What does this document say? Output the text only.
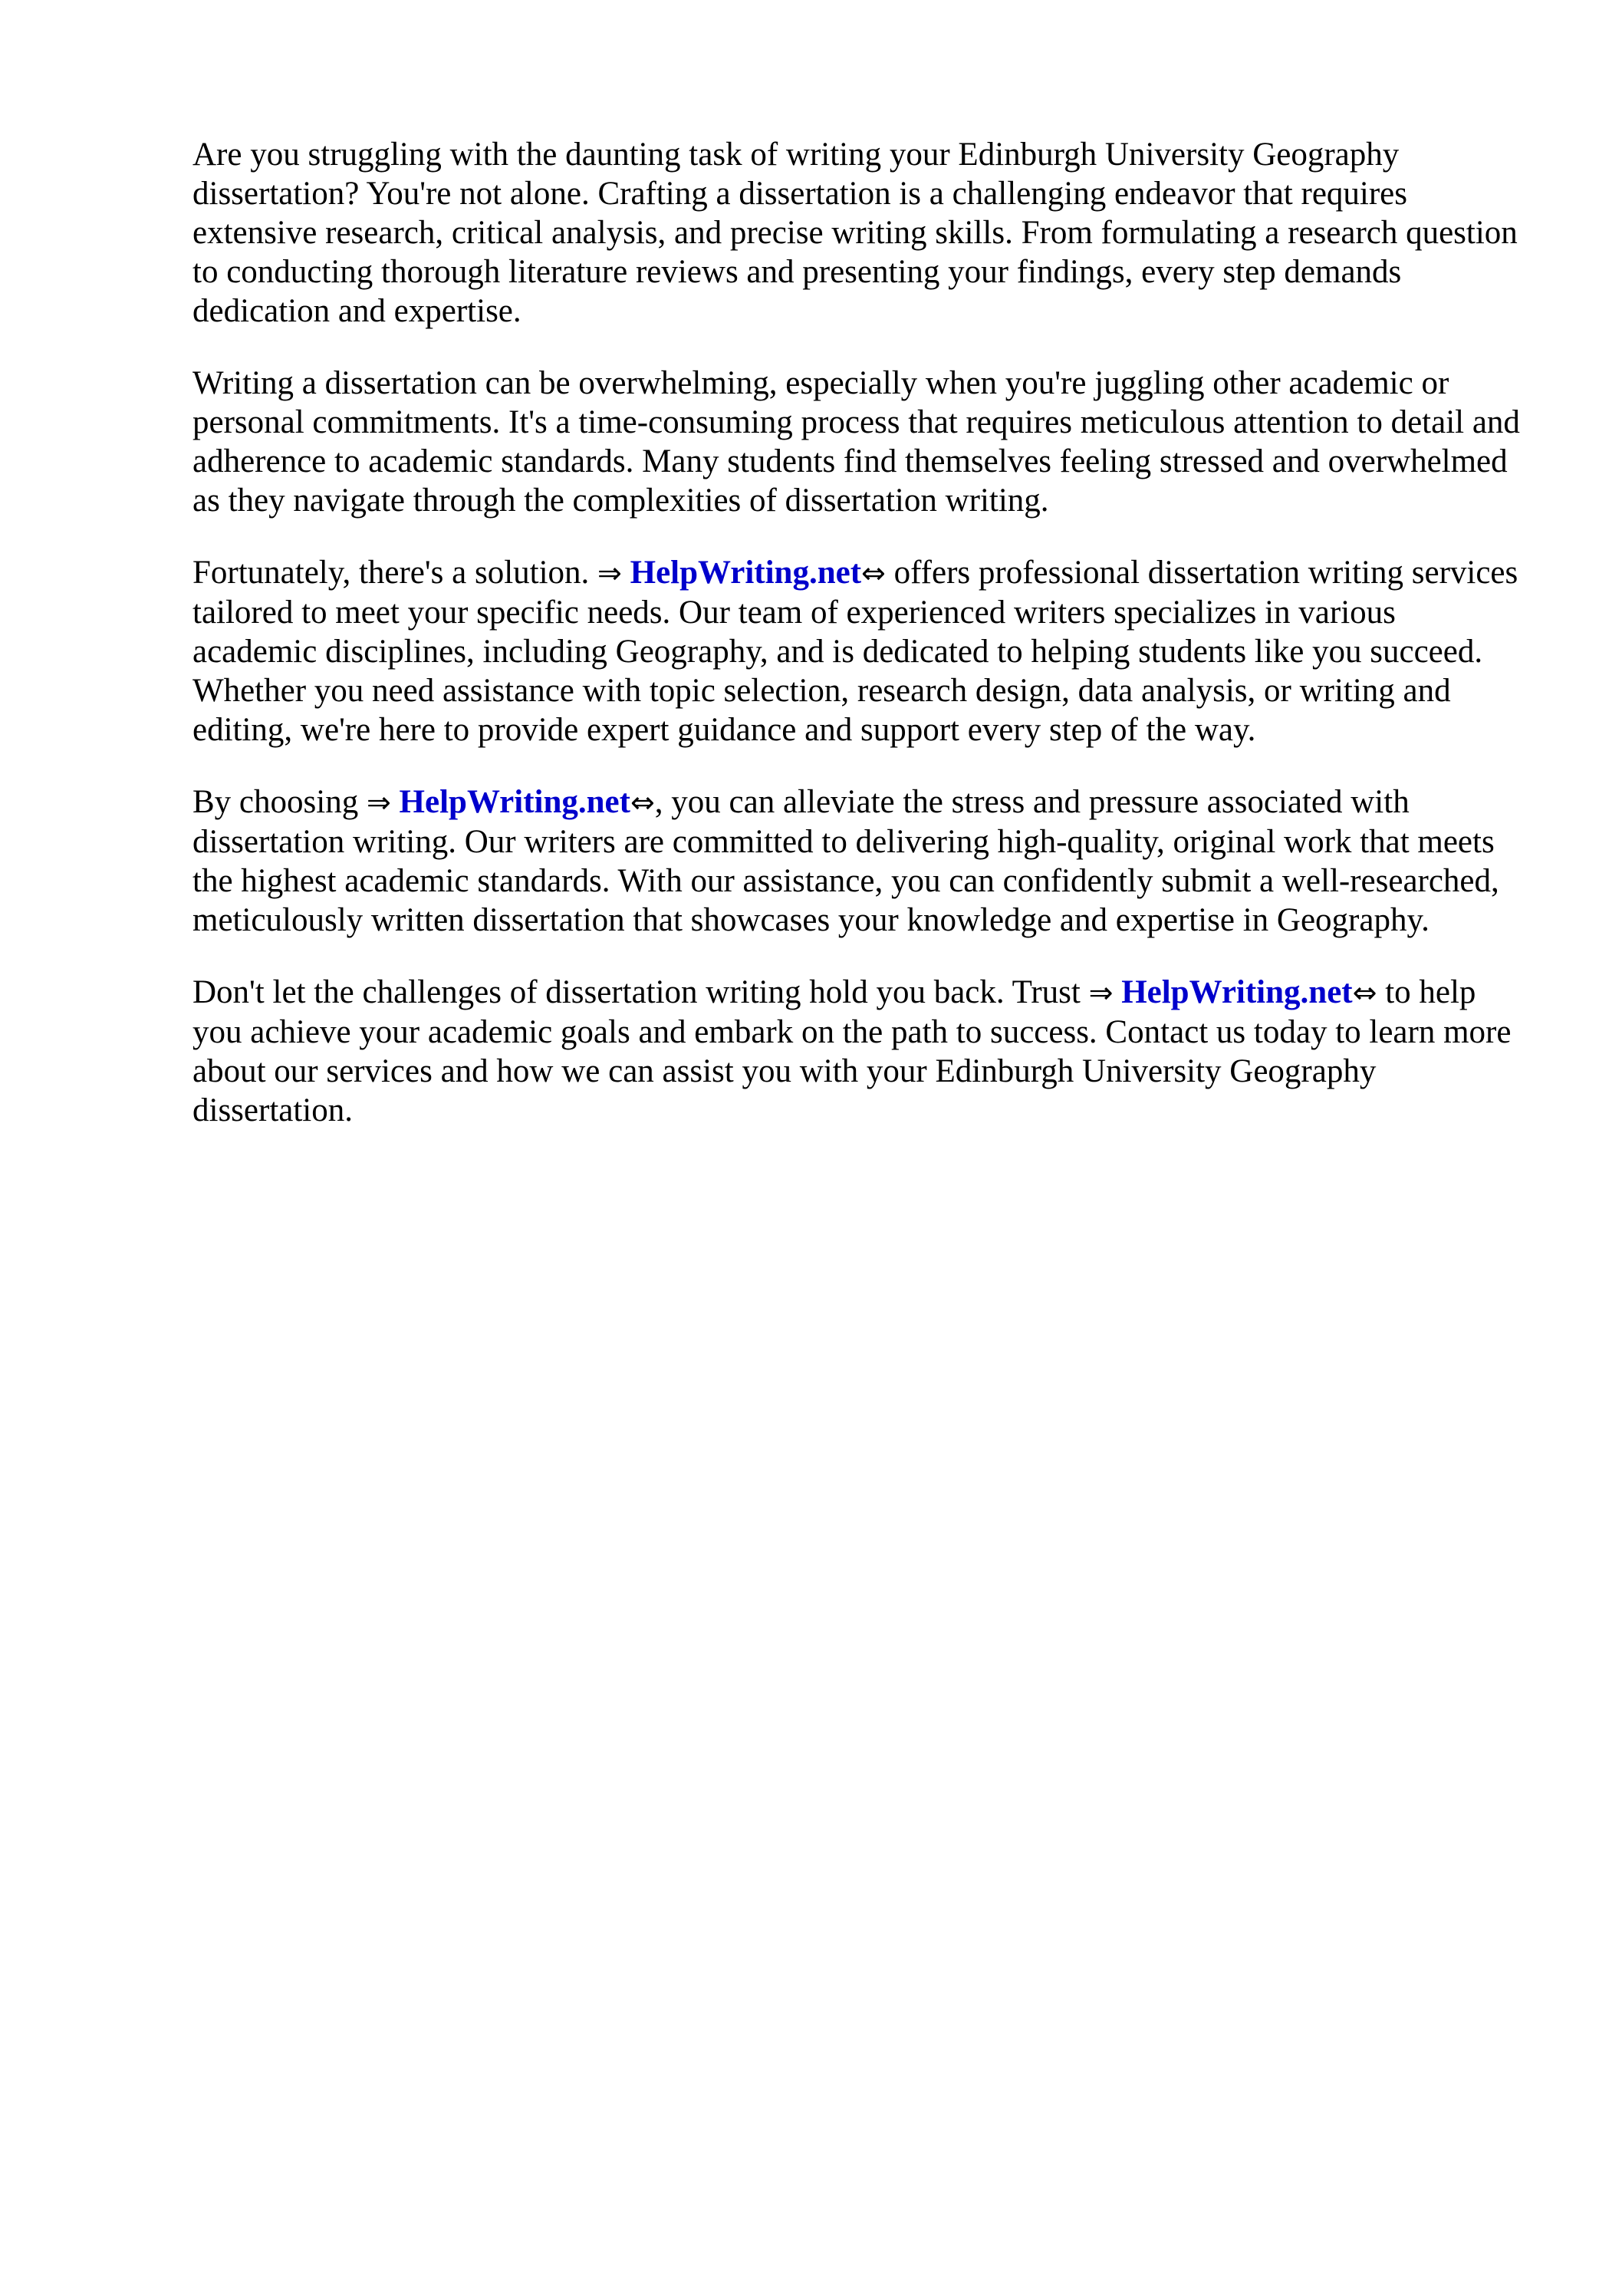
Are you struggling with the daunting task of writing your Edinburgh University Geography dissertation? You're not alone. Crafting a dissertation is a challenging endeavor that requires extensive research, critical analysis, and precise writing skills. From formulating a research question to conducting thorough literature reviews and presenting your findings, every step demands dedication and expertise.

Writing a dissertation can be overwhelming, especially when you're juggling other academic or personal commitments. It's a time-consuming process that requires meticulous attention to detail and adherence to academic standards. Many students find themselves feeling stressed and overwhelmed as they navigate through the complexities of dissertation writing.

Fortunately, there's a solution. ⇒ HelpWriting.net⇔ offers professional dissertation writing services tailored to meet your specific needs. Our team of experienced writers specializes in various academic disciplines, including Geography, and is dedicated to helping students like you succeed. Whether you need assistance with topic selection, research design, data analysis, or writing and editing, we're here to provide expert guidance and support every step of the way.

By choosing ⇒ HelpWriting.net⇔, you can alleviate the stress and pressure associated with dissertation writing. Our writers are committed to delivering high-quality, original work that meets the highest academic standards. With our assistance, you can confidently submit a well-researched, meticulously written dissertation that showcases your knowledge and expertise in Geography.

Don't let the challenges of dissertation writing hold you back. Trust ⇒ HelpWriting.net⇔ to help you achieve your academic goals and embark on the path to success. Contact us today to learn more about our services and how we can assist you with your Edinburgh University Geography dissertation.
